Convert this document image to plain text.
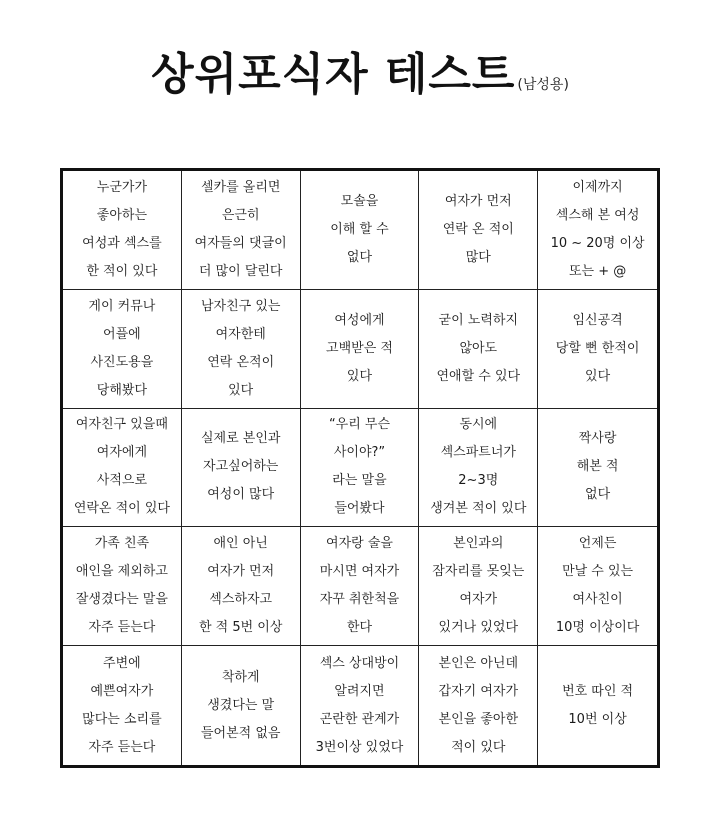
상위포식자 테스트 (남성용)
누군가가
좋아하는
여성과 섹스를
한 적이 있다
셀카를 올리면
은근히
여자들의 댓글이
더 많이 달린다
모솔을
이해 할 수
없다
여자가 먼저
연락 온 적이
많다
이제까지
섹스해 본 여성
10 ~ 20명 이상
또는 + @
게이 커뮤나
어플에
사진도용을
당해봤다
남자친구 있는
여자한테
연락 온적이
있다
여성에게
고백받은 적
있다
굳이 노력하지
않아도
연애할 수 있다
임신공격
당할 뻔 한적이
있다
여자친구 있을때
여자에게
사적으로
연락온 적이 있다
실제로 본인과
자고싶어하는
여성이 많다
“우리 무슨
사이야?”
라는 말을
들어봤다
동시에
섹스파트너가
2~3명
생겨본 적이 있다
짝사랑
해본 적
없다
가족 친족
애인을 제외하고
잘생겼다는 말을
자주 듣는다
애인 아닌
여자가 먼저
섹스하자고
한 적 5번 이상
여자랑 술을
마시면 여자가
자꾸 취한척을
한다
본인과의
잠자리를 못잊는
여자가
있거나 있었다
언제든
만날 수 있는
여사친이
10명 이상이다
주변에
예쁜여자가
많다는 소리를
자주 듣는다
착하게
생겼다는 말
들어본적 없음
섹스 상대방이
알려지면
곤란한 관계가
3번이상 있었다
본인은 아닌데
갑자기 여자가
본인을 좋아한
적이 있다
번호 따인 적
10번 이상
